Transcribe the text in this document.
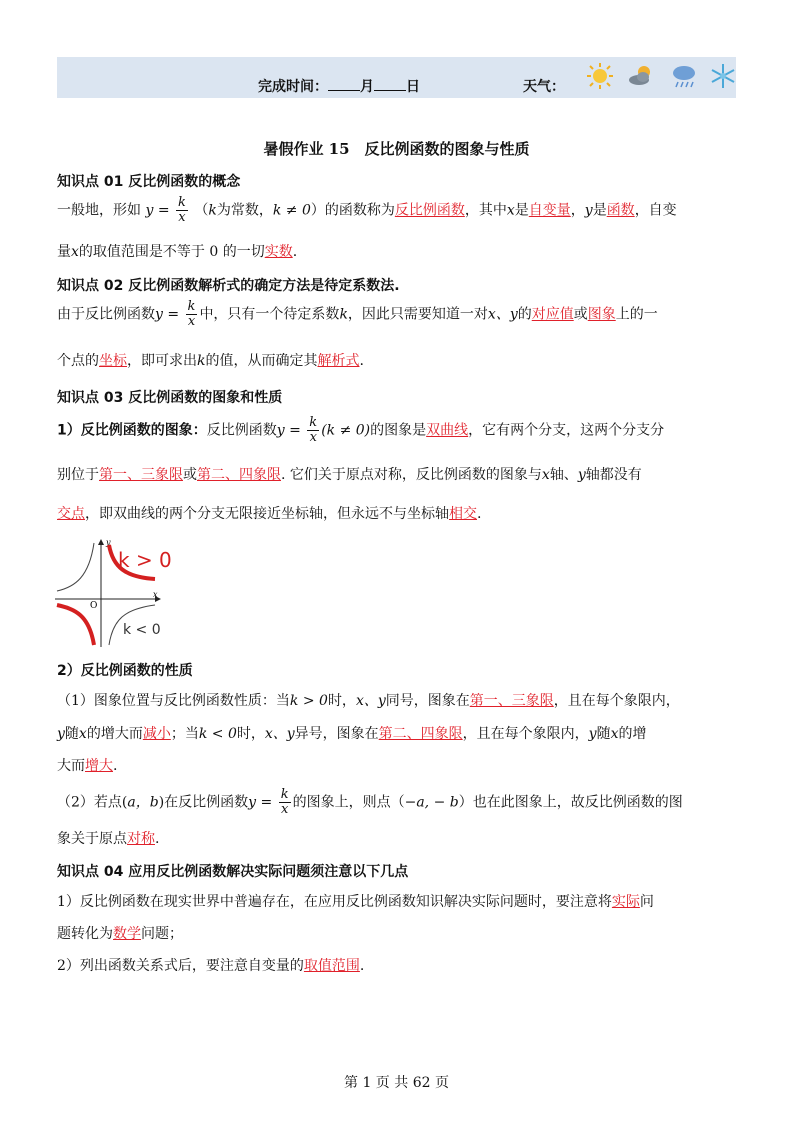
完成时间： 月 日	天气：
暑假作业 15　反比例函数的图象与性质
知识点 01 反比例函数的概念
一般地，形如 $y = \frac{k}{x} (k$为常数，k ≠ 0）的函数称为反比例函数，其中x是自变量，y是函数，自变
量x的取值范围是不等于 0 的一切实数.
知识点 02 反比例函数解析式的确定方法是待定系数法.
由于反比例函数$y = \frac{k}{x}$ 中，只有一个待定系数k，因此只需要知道一对x、y的对应值或图象上的一
个点的坐标，即可求出k的值，从而确定其解析式.
知识点 03 反比例函数的图象和性质
1）反比例函数的图象：反比例函数$y = \frac{k}{x} (k \ne 0)$的图象是双曲线，它有两个分支，这两个分支分
别位于第一、三象限或第二、四象限. 它们关于原点对称，反比例函数的图象与x轴、y轴都没有
交点，即双曲线的两个分支无限接近坐标轴，但永远不与坐标轴相交.
y
x
O
k > 0
k < 0
2）反比例函数的性质
（1）图象位置与反比例函数性质：当k > 0时，x、y同号，图象在第一、三象限，且在每个象限内，
y随x的增大而减小；当k < 0时，x、y异号，图象在第二、四象限，且在每个象限内，y随x的增
大而增大.
（2）若点(a，b)在反比例函数$y = \frac{k}{x}$ 的图象上，则点（−a, − b）也在此图象上，故反比例函数的图
象关于原点对称.
知识点 04 应用反比例函数解决实际问题须注意以下几点
1）反比例函数在现实世界中普遍存在，在应用反比例函数知识解决实际问题时，要注意将实际问
题转化为数学问题；
2）列出函数关系式后，要注意自变量的取值范围.
第 1 页 共 62 页
